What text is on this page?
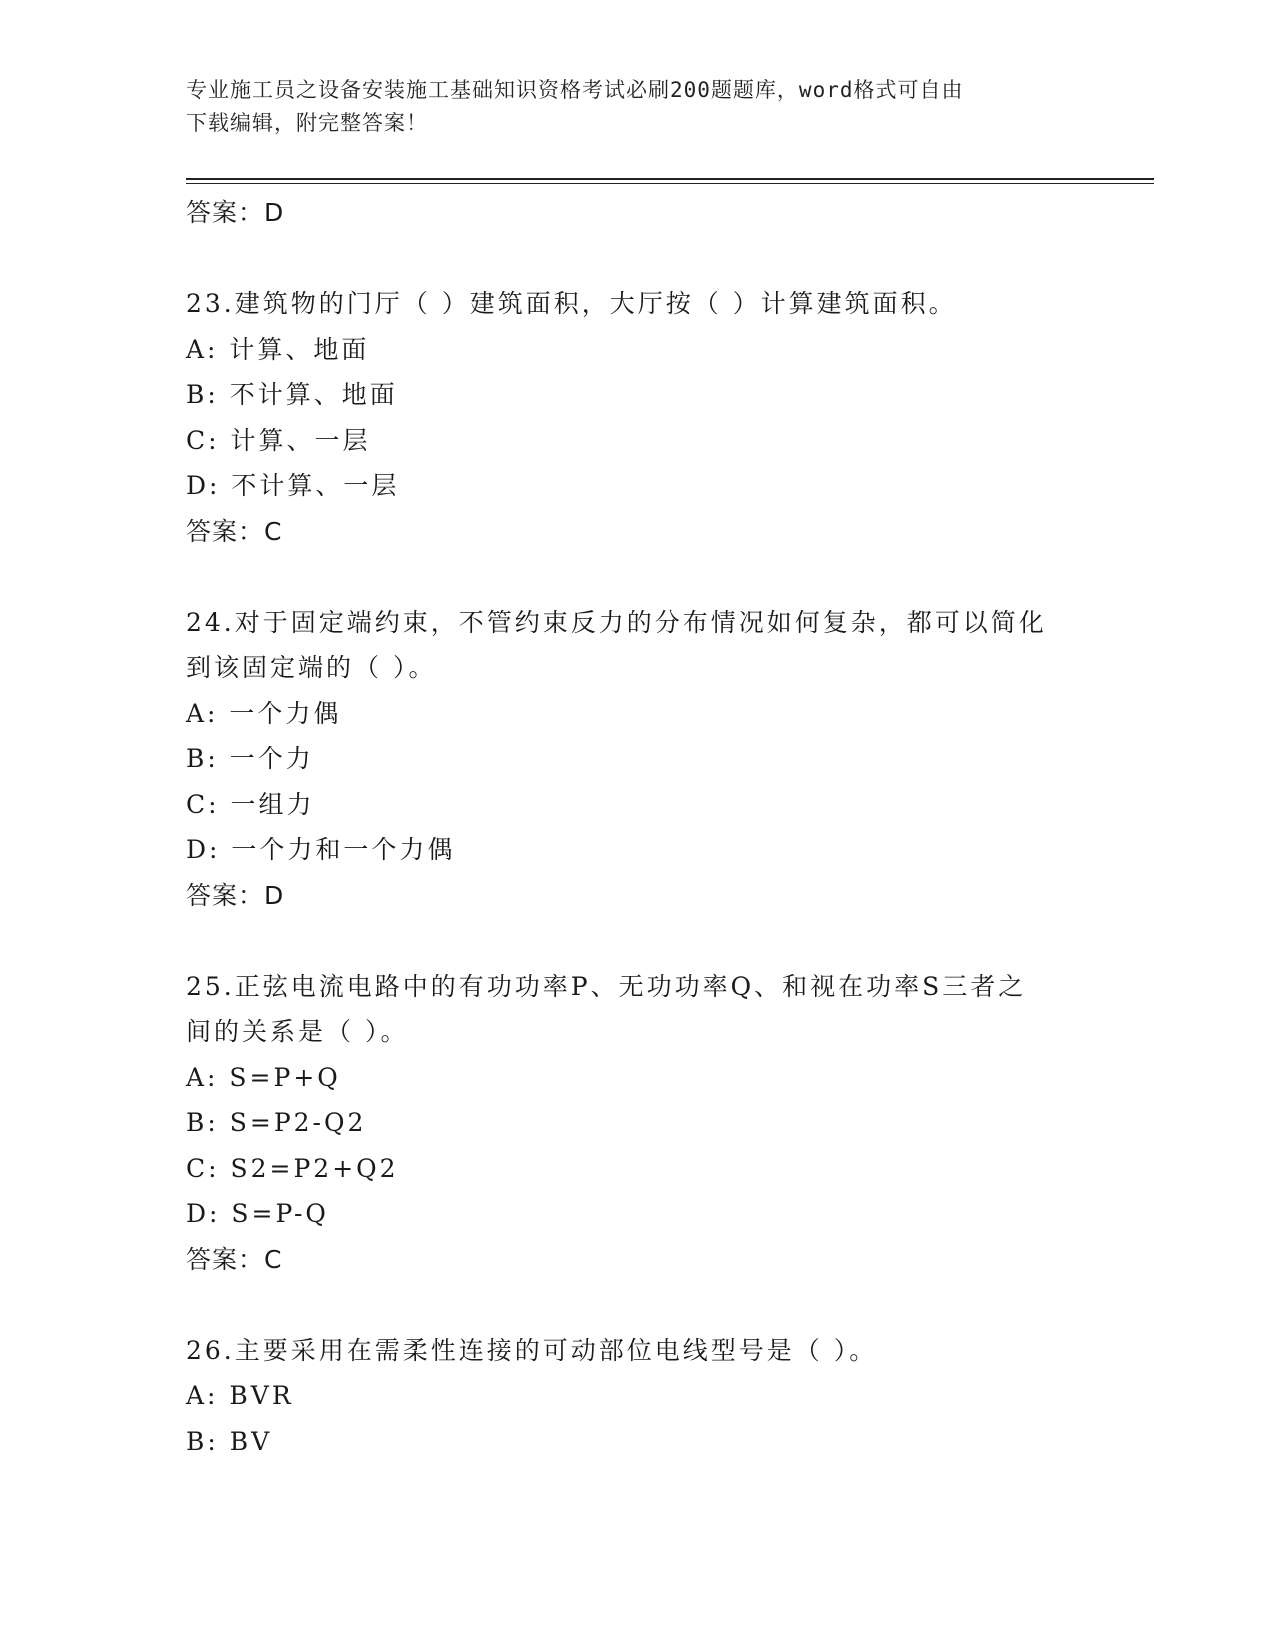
专业施工员之设备安装施工基础知识资格考试必刷200题题库，word格式可自由
下载编辑，附完整答案！
答案：D
23.建筑物的门厅（ ）建筑面积，大厅按（ ）计算建筑面积。
A: 计算、地面
B: 不计算、地面
C: 计算、一层
D: 不计算、一层
答案：C
24.对于固定端约束，不管约束反力的分布情况如何复杂，都可以简化
到该固定端的（ ）。
A: 一个力偶
B: 一个力
C: 一组力
D: 一个力和一个力偶
答案：D
25.正弦电流电路中的有功功率P、无功功率Q、和视在功率S三者之
间的关系是（ ）。
A: S=P+Q
B: S=P2-Q2
C: S2=P2+Q2
D: S=P-Q
答案：C
26.主要采用在需柔性连接的可动部位电线型号是（ ）。
A: BVR
B: BV
